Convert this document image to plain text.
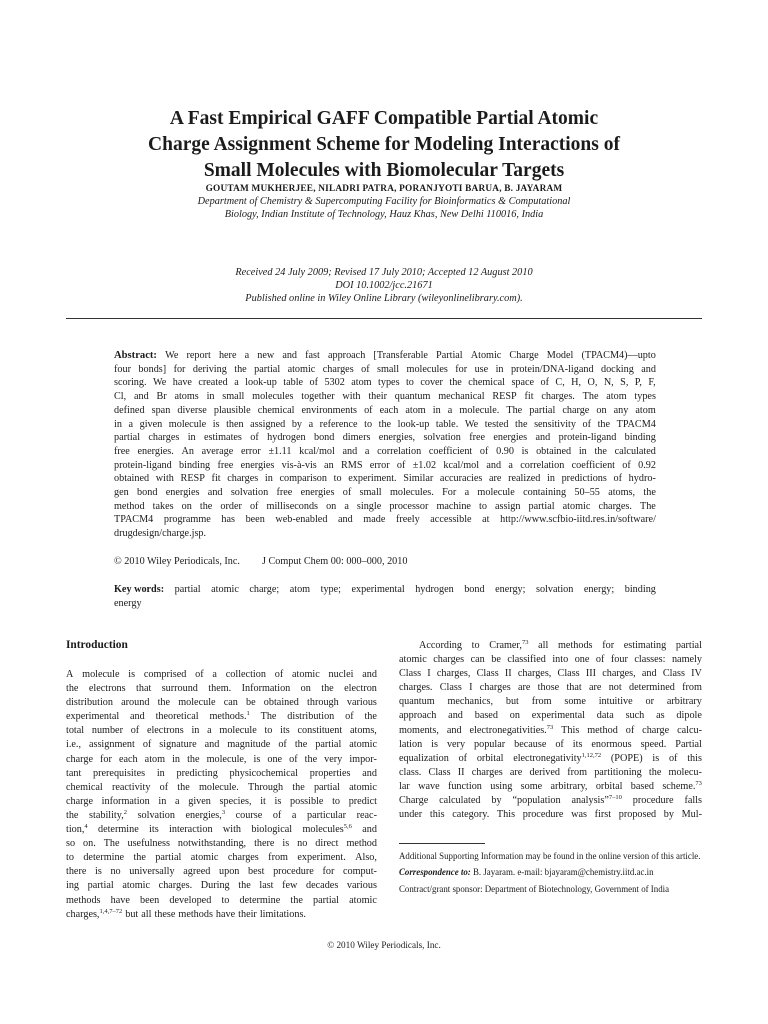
A Fast Empirical GAFF Compatible Partial Atomic
Charge Assignment Scheme for Modeling Interactions of
Small Molecules with Biomolecular Targets
GOUTAM MUKHERJEE, NILADRI PATRA, PORANJYOTI BARUA, B. JAYARAM
Department of Chemistry & Supercomputing Facility for Bioinformatics & Computational
Biology, Indian Institute of Technology, Hauz Khas, New Delhi 110016, India
Received 24 July 2009; Revised 17 July 2010; Accepted 12 August 2010
DOI 10.1002/jcc.21671
Published online in Wiley Online Library (wileyonlinelibrary.com).
Abstract: We report here a new and fast approach [Transferable Partial Atomic Charge Model (TPACM4)—upto
four bonds] for deriving the partial atomic charges of small molecules for use in protein/DNA-ligand docking and
scoring. We have created a look-up table of 5302 atom types to cover the chemical space of C, H, O, N, S, P, F,
Cl, and Br atoms in small molecules together with their quantum mechanical RESP fit charges. The atom types
defined span diverse plausible chemical environments of each atom in a molecule. The partial charge on any atom
in a given molecule is then assigned by a reference to the look-up table. We tested the sensitivity of the TPACM4
partial charges in estimates of hydrogen bond dimers energies, solvation free energies and protein-ligand binding
free energies. An average error ±1.11 kcal/mol and a correlation coefficient of 0.90 is obtained in the calculated
protein-ligand binding free energies vis-à-vis an RMS error of ±1.02 kcal/mol and a correlation coefficient of 0.92
obtained with RESP fit charges in comparison to experiment. Similar accuracies are realized in predictions of hydro-
gen bond energies and solvation free energies of small molecules. For a molecule containing 50–55 atoms, the
method takes on the order of milliseconds on a single processor machine to assign partial atomic charges. The
TPACM4 programme has been web-enabled and made freely accessible at http://www.scfbio-iitd.res.in/software/
drugdesign/charge.jsp.
© 2010 Wiley Periodicals, Inc. J Comput Chem 00: 000–000, 2010
Key words: partial atomic charge; atom type; experimental hydrogen bond energy; solvation energy; binding
energy
Introduction
A molecule is comprised of a collection of atomic nuclei and
the electrons that surround them. Information on the electron
distribution around the molecule can be obtained through various
experimental and theoretical methods.$^1$ The distribution of the
total number of electrons in a molecule to its constituent atoms,
i.e., assignment of signature and magnitude of the partial atomic
charge for each atom in the molecule, is one of the very impor-
tant prerequisites in predicting physicochemical properties and
chemical reactivity of the molecule. Through the partial atomic
charge information in a given species, it is possible to predict
the stability,$^2$ solvation energies,$^3$ course of a particular reac-
tion,$^4$ determine its interaction with biological molecules$^{5,6}$ and
so on. The usefulness notwithstanding, there is no direct method
to determine the partial atomic charges from experiment. Also,
there is no universally agreed upon best procedure for comput-
ing partial atomic charges. During the last few decades various
methods have been developed to determine the partial atomic
charges,$^{1,4,7-72}$ but all these methods have their limitations.
According to Cramer,$^{73}$ all methods for estimating partial
atomic charges can be classified into one of four classes: namely
Class I charges, Class II charges, Class III charges, and Class IV
charges. Class I charges are those that are not determined from
quantum mechanics, but from some intuitive or arbitrary
approach and based on experimental data such as dipole
moments, and electronegativities.$^{73}$ This method of charge calcu-
lation is very popular because of its enormous speed. Partial
equalization of orbital electronegativity$^{1,12,72}$ (POPE) is of this
class. Class II charges are derived from partitioning the molecu-
lar wave function using some arbitrary, orbital based scheme.$^{73}$
Charge calculated by “population analysis”$^{7-10}$ procedure falls
under this category. This procedure was first proposed by Mul-

Additional Supporting Information may be found in the online version of this article.

Correspondence to: B. Jayaram. e-mail: bjayaram@chemistry.iitd.ac.in

Contract/grant sponsor: Department of Biotechnology, Government of India

© 2010 Wiley Periodicals, Inc.
